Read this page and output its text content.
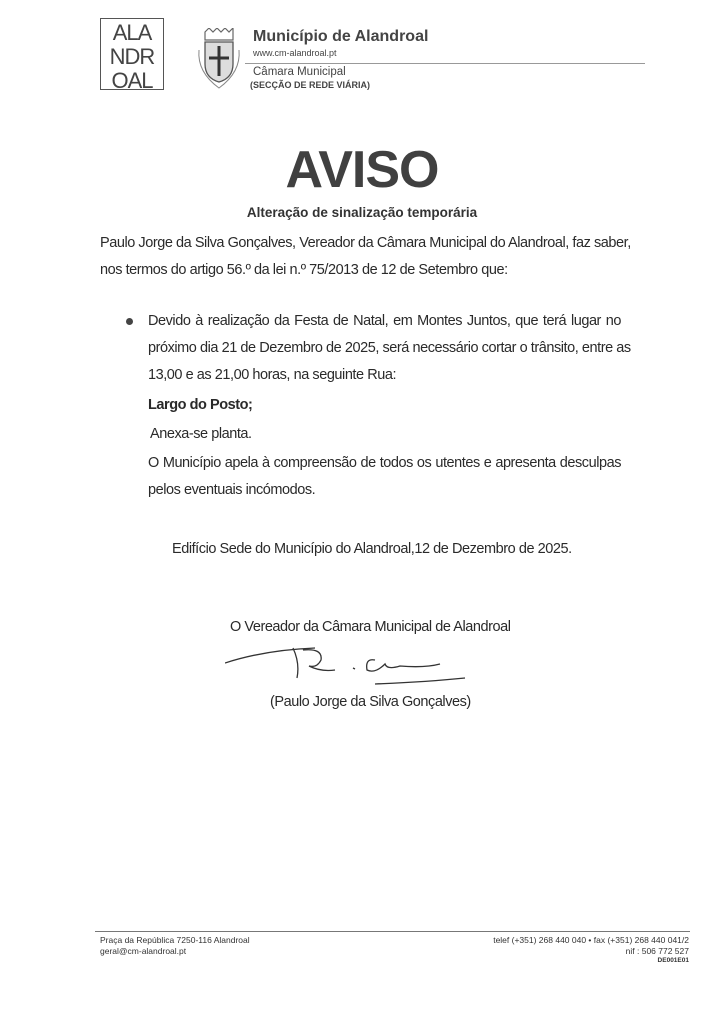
ALA
NDR
OAL
Município de Alandroal
www.cm-alandroal.pt
Câmara Municipal
(SECÇÃO DE REDE VIÁRIA)
AVISO
Alteração de sinalização temporária
Paulo Jorge da Silva Gonçalves, Vereador da Câmara Municipal do Alandroal, faz saber,
nos termos do artigo 56.º da lei n.º 75/2013 de 12 de Setembro que:
Devido à realização da Festa de Natal, em Montes Juntos, que terá lugar no
próximo dia 21 de Dezembro de 2025, será necessário cortar o trânsito, entre as
13,00 e as 21,00 horas, na seguinte Rua:
Largo do Posto;
Anexa-se planta.
O Município apela à compreensão de todos os utentes e apresenta desculpas
pelos eventuais incómodos.
Edifício Sede do Município do Alandroal,12 de Dezembro de 2025.
O Vereador da Câmara Municipal de Alandroal
(Paulo Jorge da Silva Gonçalves)
Praça da República 7250-116 Alandroal
geral@cm-alandroal.pt
telef (+351) 268 440 040 • fax (+351) 268 440 041/2
nif : 506 772 527
DE001E01
